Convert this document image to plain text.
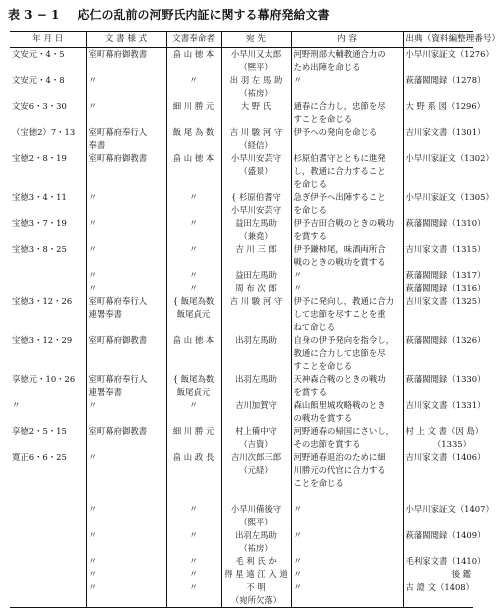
表 3 − 1 応仁の乱前の河野氏内証に関する幕府発給文書
年 月 日	文 書 様 式	文書奉命者	宛 先	内 容	出典（資料編整理番号）
文安元・4・5	室町幕府御教書	畠 山 徳 本	小早川又太郎	河野刑部大輔教通合力の	小早川家証文（1276）
			（熈平）	ため出陣を命じる	
文安元・4・8	〃	〃	出 羽 左 馬 助	〃	萩藩閥閲録（1278）
			（祐房）		
文安6・3・30	〃	細 川 勝 元	大 野 氏	通春に合力し，忠節を尽	大 野 系 図（1296）
				すことを命じる	
（宝徳2）7・13	室町幕府奉行人	飯 尾 為 数	吉 川 駿 河 守	伊予への発向を命じる	吉川家文書（1301）
	奉書		（経信）		
宝徳2・8・19	室町幕府御教書	畠 山 徳 本	小早川安芸守	杉原伯耆守とともに進発	小早川家証文（1302）
			（盛景）	し，教通に合力すること	
				を命じる	
宝徳3・4・11	〃	〃	{ 杉原伯耆守	急ぎ伊予へ出陣すること	小早川家証文（1305）
			小早川安芸守	を命じる	
宝徳3・7・19	〃	〃	益田左馬助	伊予吉田合戦のときの戦功	萩藩閥閲録（1310）
			（兼堯）	を賞する	
宝徳3・8・25	〃	〃	吉 川 三 郎	伊予鎌柿尾，味酒両所合	吉川家文書（1315）
				戦のときの戦功を賞する	
	〃	〃	益田左馬助	〃	萩藩閥閲録（1317）
	〃	〃	周 布 次 郎	〃	萩藩閥閲録（1316）
宝徳3・12・26	室町幕府奉行人	{ 飯尾為数	吉 川 駿 河 守	伊予に発向し，教通に合力	吉川家文書（1325）
	連署奉書	飯尾貞元		して忠節を尽すことを重	
				ねて命じる	
宝徳3・12・29	室町幕府御教書	畠 山 徳 本	出羽左馬助	自身の伊予発向を指令し，	萩藩閥閲録（1326）
				教通に合力して忠節を尽	
				すことを命じる	
享徳元・10・26	室町幕府奉行人	{ 飯尾為数	出羽左馬助	天神森合戦のときの戦功	萩藩閥閲録（1330）
	連署奉書	飯尾貞元		を賞する	
〃	〃	〃	吉川加賀守	森山館里城攻略戦のとき	吉川家文書（1331）
				の戦功を賞する	
享徳2・5・15	室町幕府御教書	細 川 勝 元	村上備中守	河野通春の帰国にさいし，	村 上 文 書（因 島）
			（吉資）	その忠節を賞する	（1335）
寛正6・6・25	〃	畠 山 政 長	吉川次郎三郎	河野通春退治のために細	吉川家文書（1406）
			（元経）	川勝元の代官に合力する	
				ことを命じる	

	〃	〃	小早川備後守	〃	小早川家証文（1407）
			（熙平）		
	〃	〃	出羽左馬助	〃	萩藩閥閲録（1409）
			（祐房）		
	〃	〃	毛 利 氏 か	〃	毛利家文書（1410）
	〃	〃	得 星 遠 江 入 道	〃	後 鑑
	〃	〃	不 明	〃	古 證 文（1408）
			（宛所欠落）		
